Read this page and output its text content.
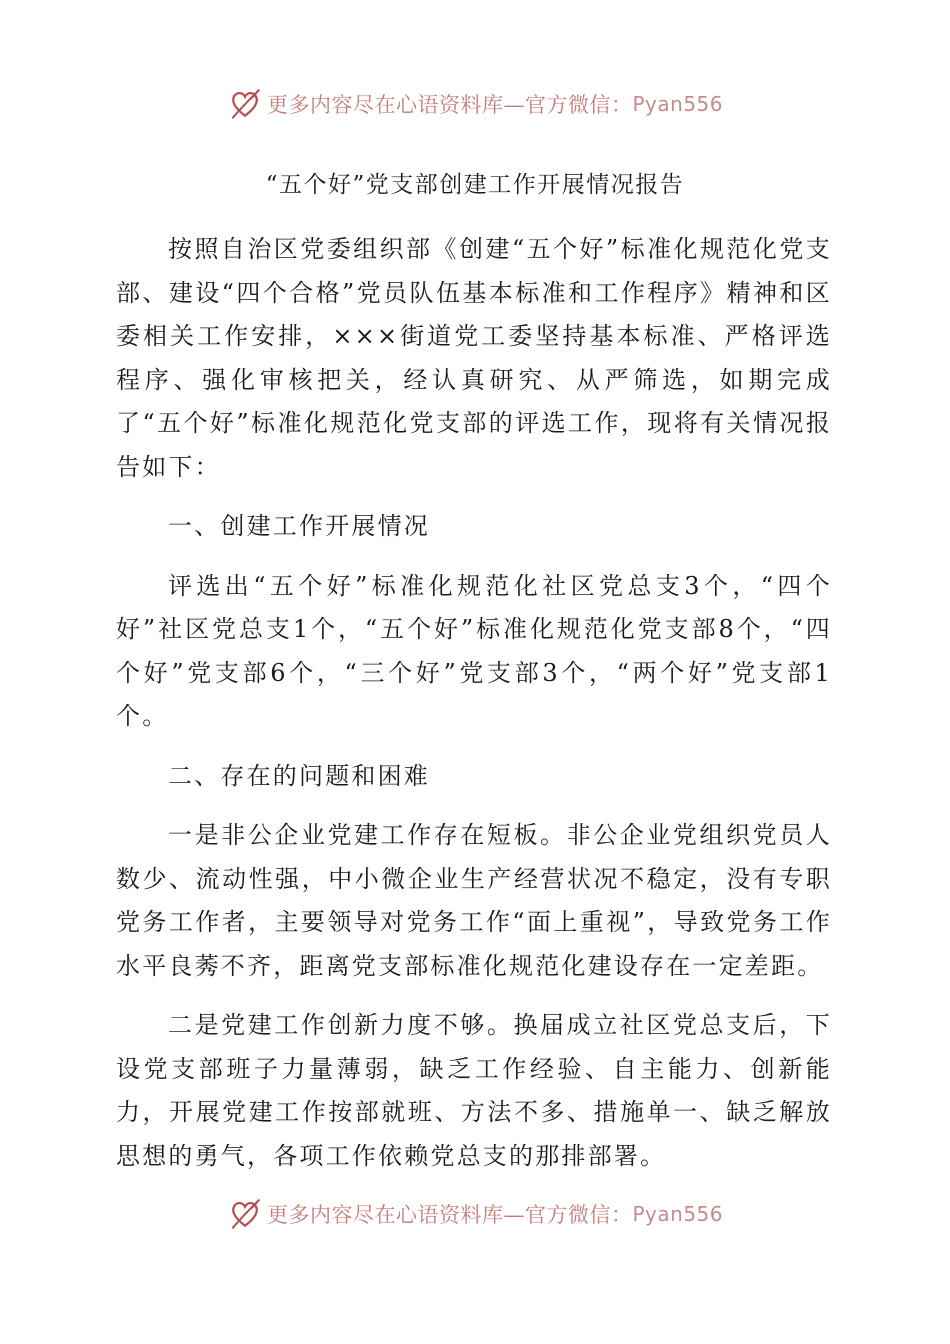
更多内容尽在心语资料库—官方微信： Pyan556
“五个好”党支部创建工作开展情况报告

按照自治区党委组织部《创建“五个好”标准化规范化党支部、建设“四个合格”党员队伍基本标准和工作程序》精神和区委相关工作安排，×××街道党工委坚持基本标准、严格评选程序、强化审核把关，经认真研究、从严筛选，如期完成了“五个好”标准化规范化党支部的评选工作，现将有关情况报告如下：

一、创建工作开展情况

评选出“五个好”标准化规范化社区党总支3个，“四个好”社区党总支1个，“五个好”标准化规范化党支部8个，“四个好”党支部6个，“三个好”党支部3个，“两个好”党支部1个。

二、存在的问题和困难

一是非公企业党建工作存在短板。非公企业党组织党员人数少、流动性强，中小微企业生产经营状况不稳定，没有专职党务工作者，主要领导对党务工作“面上重视”，导致党务工作水平良莠不齐，距离党支部标准化规范化建设存在一定差距。

二是党建工作创新力度不够。换届成立社区党总支后，下设党支部班子力量薄弱，缺乏工作经验、自主能力、创新能力，开展党建工作按部就班、方法不多、措施单一、缺乏解放思想的勇气，各项工作依赖党总支的那排部署。

更多内容尽在心语资料库—官方微信： Pyan556
